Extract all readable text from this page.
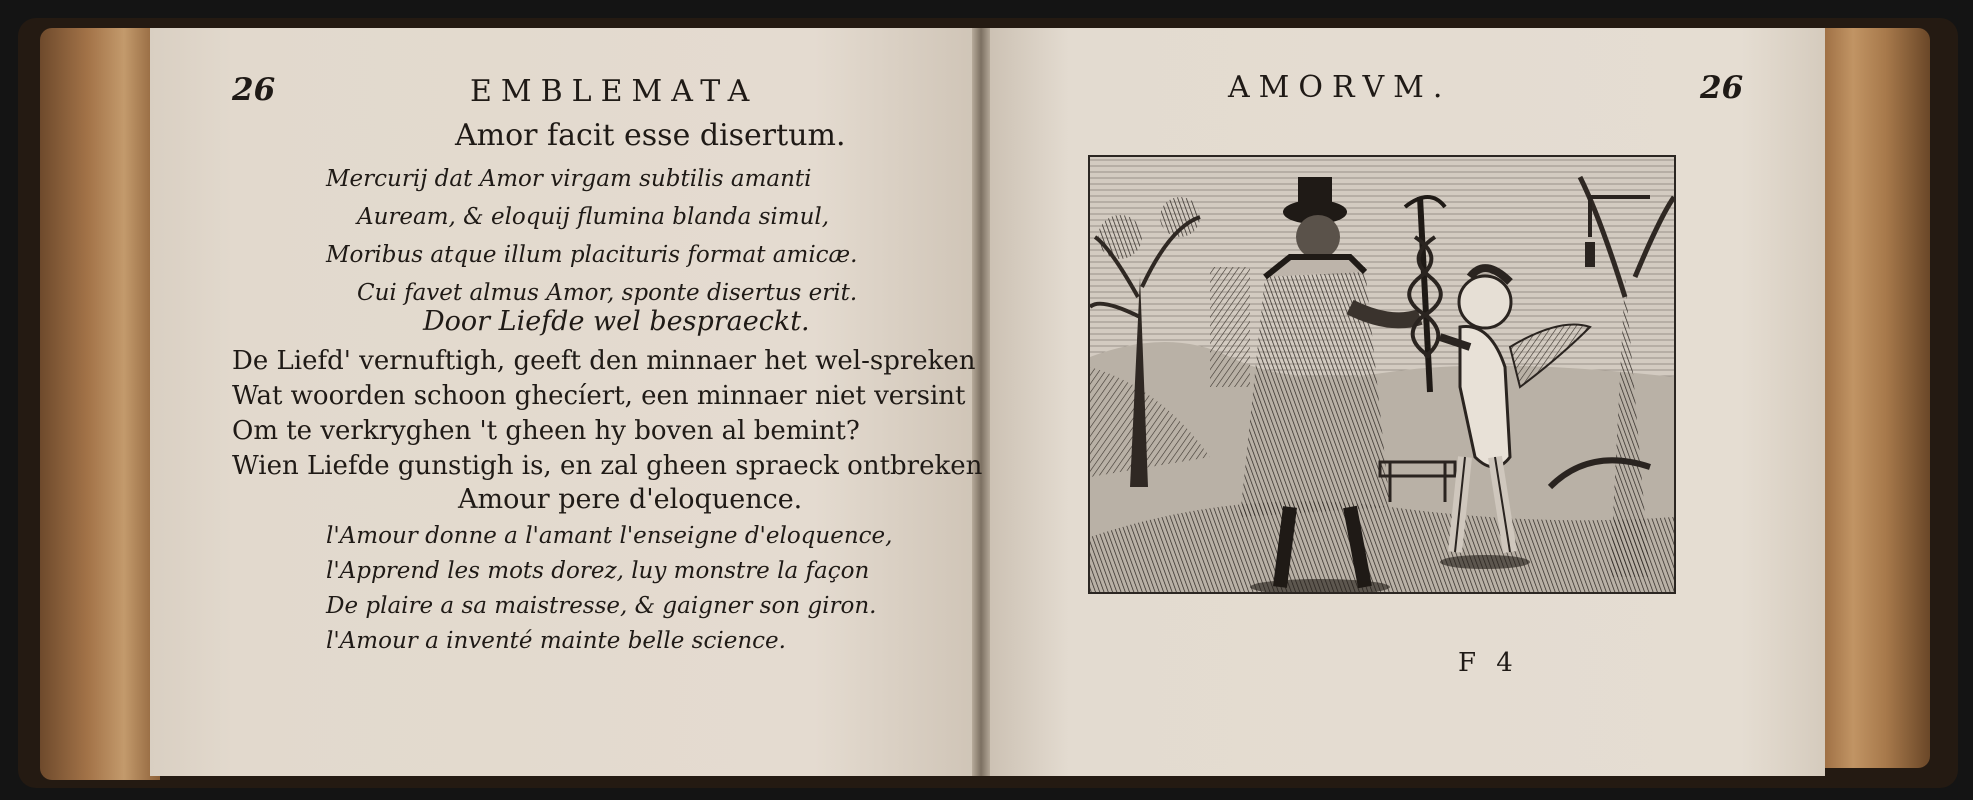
26	EMBLEMATA
Amor facit esse disertum.
Mercurij dat Amor virgam subtilis amanti
Auream, & eloquij flumina blanda simul,
Moribus atque illum placituris format amicæ.
Cui favet almus Amor, sponte disertus erit.
Door Liefde wel bespraeckt.
De Liefd' vernuftigh, geeft den minnaer het wel-spreken
Wat woorden schoon ghecíert, een minnaer niet versint
Om te verkryghen 't gheen hy boven al bemint?
Wien Liefde gunstigh is, en zal gheen spraeck ontbreken
Amour pere d'eloquence.
l'Amour donne a l'amant l'enseigne d'eloquence,
l'Apprend les mots dorez, luy monstre la façon
De plaire a sa maistresse, & gaigner son giron.
l'Amour a inventé mainte belle science.
AMORVM.	26
F 4
